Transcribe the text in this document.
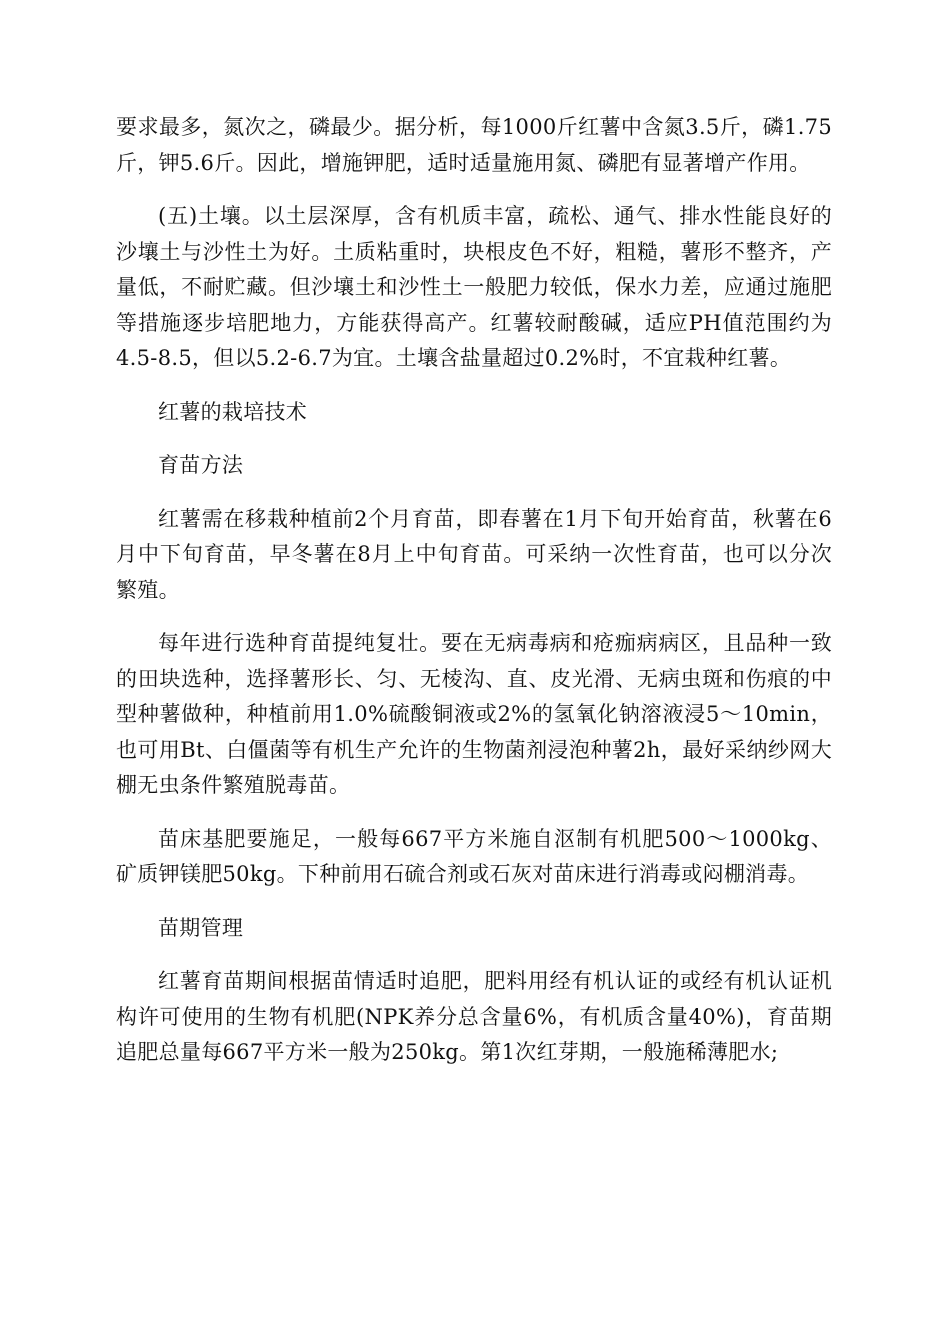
要求最多，氮次之，磷最少。据分析，每1000斤红薯中含氮3.5斤，磷1.75斤，钾5.6斤。因此，增施钾肥，适时适量施用氮、磷肥有显著增产作用。

(五)土壤。以土层深厚，含有机质丰富，疏松、通气、排水性能良好的沙壤土与沙性土为好。土质粘重时，块根皮色不好，粗糙，薯形不整齐，产量低，不耐贮藏。但沙壤土和沙性土一般肥力较低，保水力差，应通过施肥等措施逐步培肥地力，方能获得高产。红薯较耐酸碱，适应PH值范围约为4.5-8.5，但以5.2-6.7为宜。土壤含盐量超过0.2%时，不宜栽种红薯。

红薯的栽培技术

育苗方法

红薯需在移栽种植前2个月育苗，即春薯在1月下旬开始育苗，秋薯在6月中下旬育苗，早冬薯在8月上中旬育苗。可采纳一次性育苗，也可以分次繁殖。

每年进行选种育苗提纯复壮。要在无病毒病和疮痂病病区，且品种一致的田块选种，选择薯形长、匀、无棱沟、直、皮光滑、无病虫斑和伤痕的中型种薯做种，种植前用1.0%硫酸铜液或2%的氢氧化钠溶液浸5～10min，也可用Bt、白僵菌等有机生产允许的生物菌剂浸泡种薯2h，最好采纳纱网大棚无虫条件繁殖脱毒苗。

苗床基肥要施足，一般每667平方米施自沤制有机肥500～1000kg、矿质钾镁肥50kg。下种前用石硫合剂或石灰对苗床进行消毒或闷棚消毒。

苗期管理

红薯育苗期间根据苗情适时追肥，肥料用经有机认证的或经有机认证机构许可使用的生物有机肥(NPK养分总含量6%，有机质含量40%)，育苗期追肥总量每667平方米一般为250kg。第1次红芽期，一般施稀薄肥水;
